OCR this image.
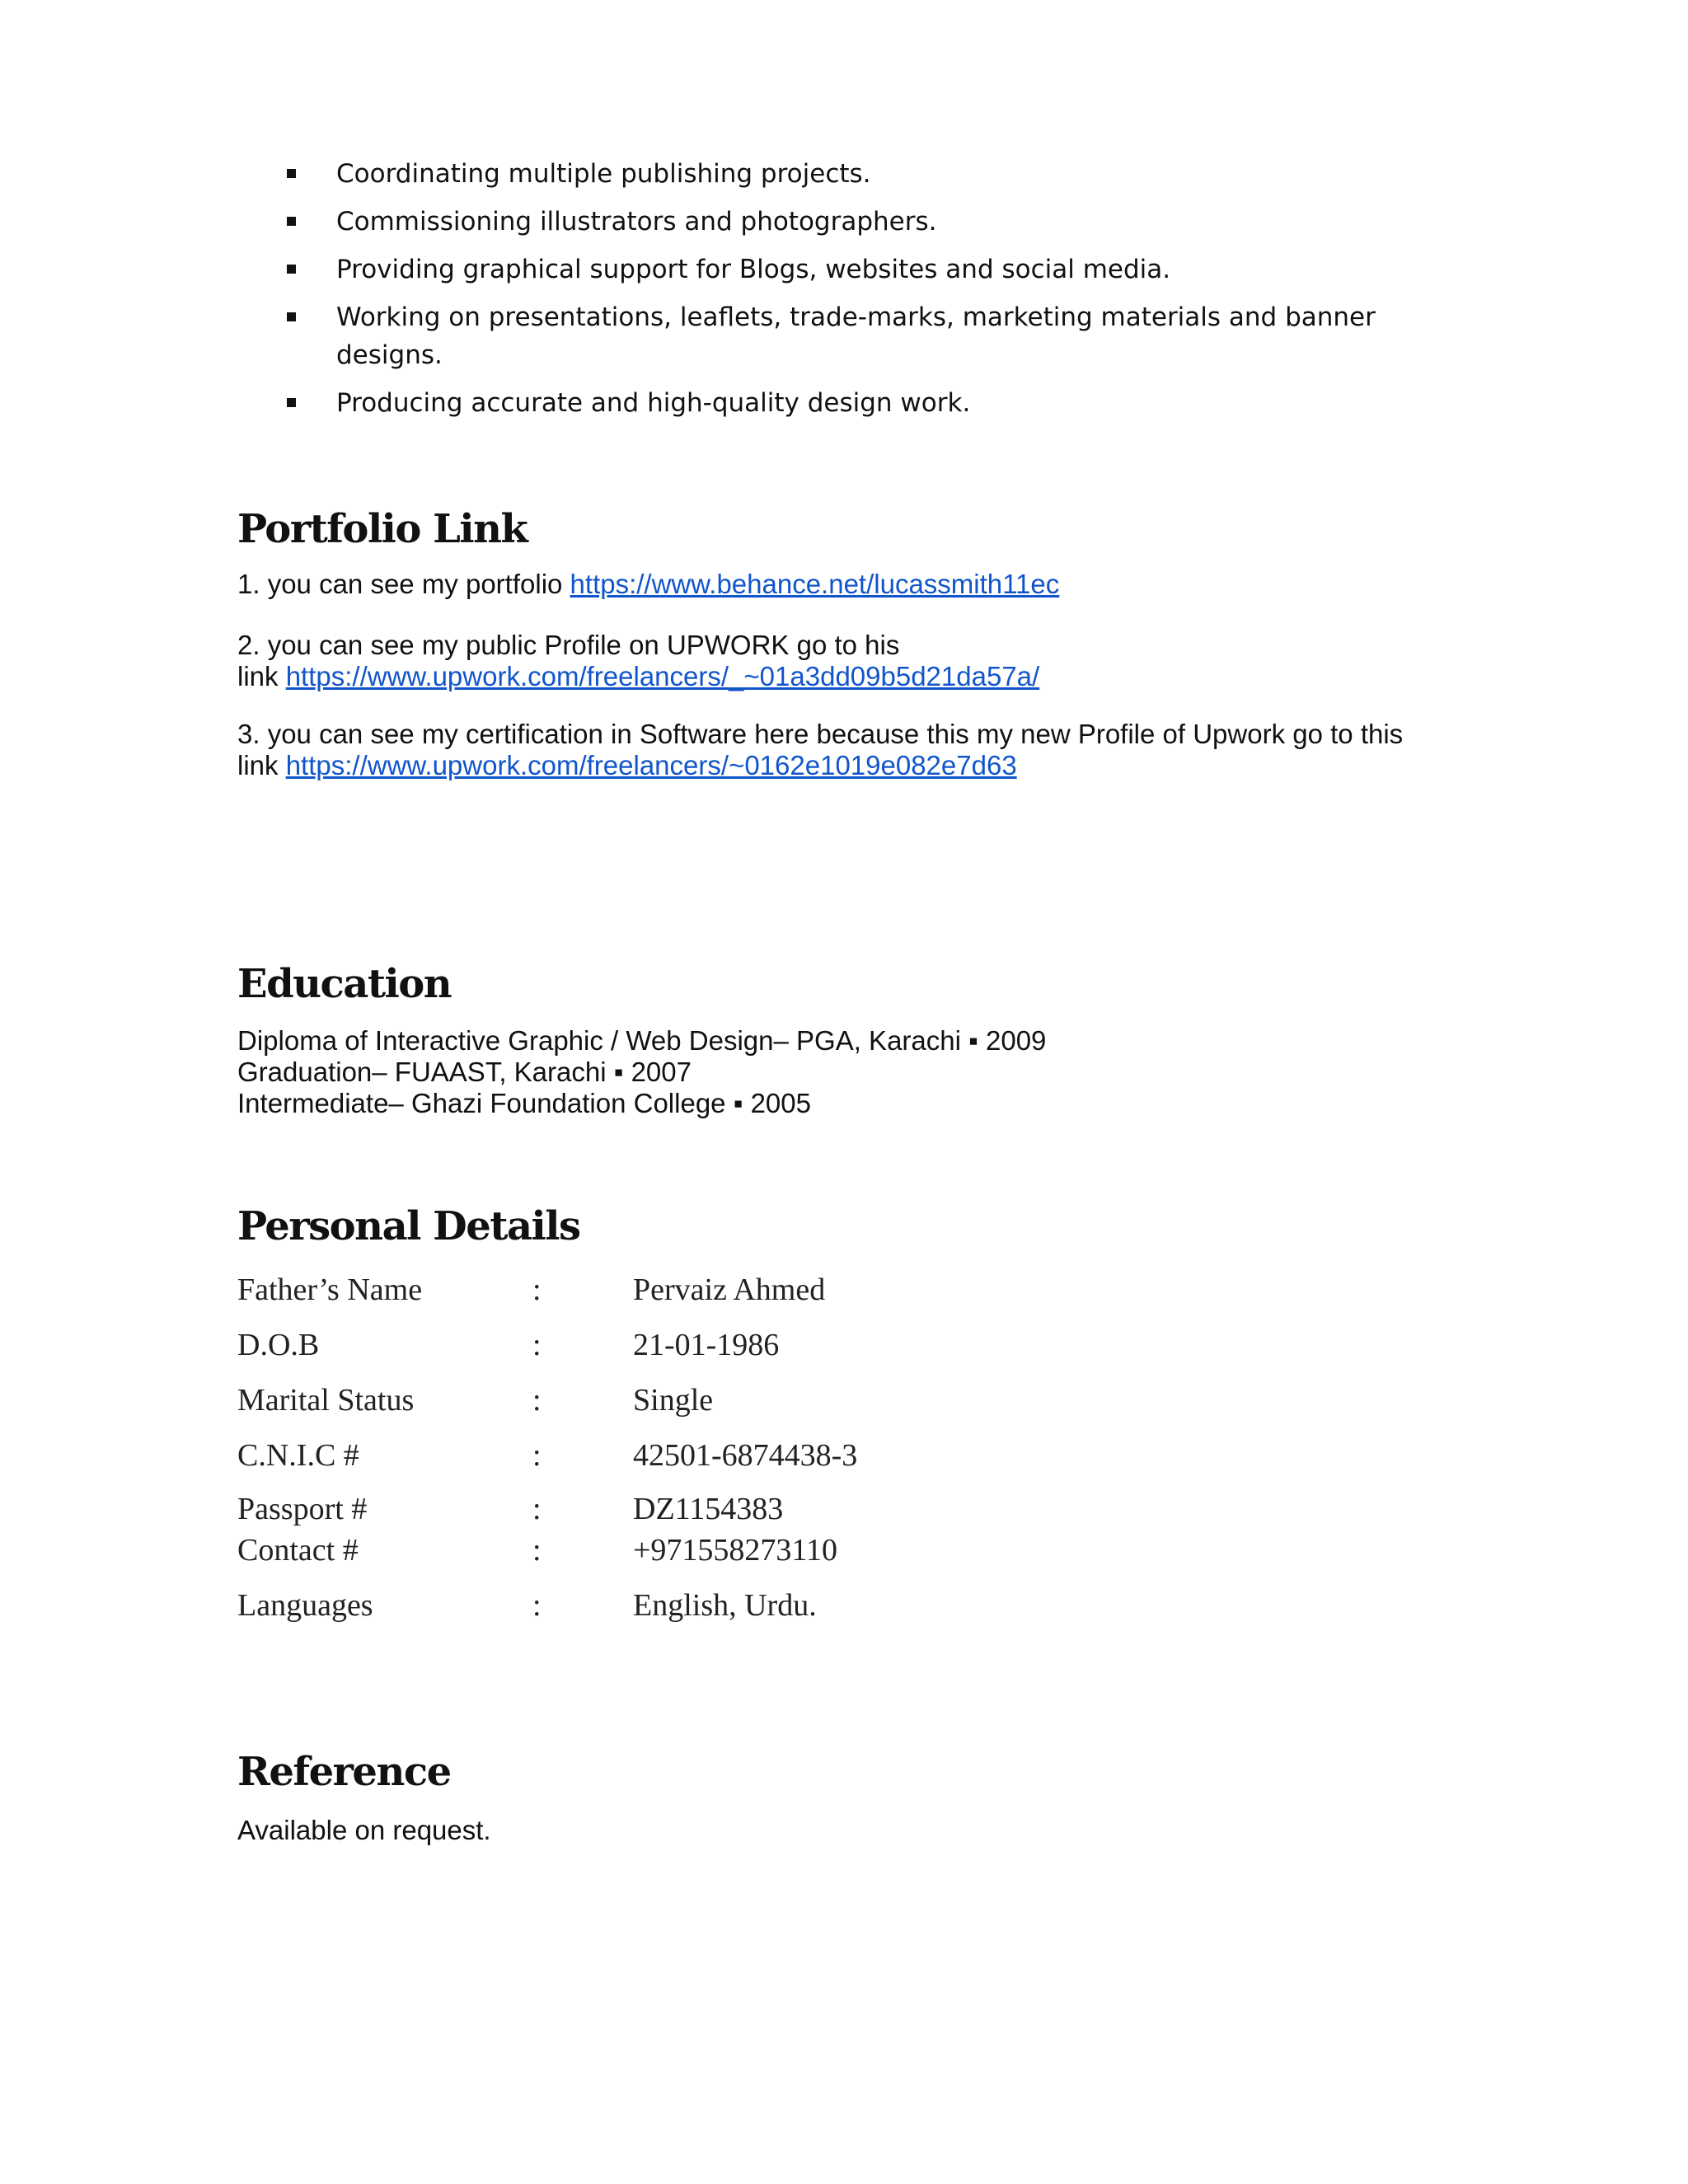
Coordinating multiple publishing projects.
Commissioning illustrators and photographers.
Providing graphical support for Blogs, websites and social media.
Working on presentations, leaflets, trade-marks, marketing materials and banner designs.
Producing accurate and high-quality design work.
Portfolio Link
1. you can see my portfolio https://www.behance.net/lucassmith11ec
2. you can see my public Profile on UPWORK go to his
link https://www.upwork.com/freelancers/_~01a3dd09b5d21da57a/
3. you can see my certification in Software here because this my new Profile of Upwork go to this
link https://www.upwork.com/freelancers/~0162e1019e082e7d63
Education
Diploma of Interactive Graphic / Web Design– PGA, Karachi ▪ 2009
Graduation– FUAAST, Karachi ▪ 2007
Intermediate– Ghazi Foundation College ▪ 2005
Personal Details
Father’s Name	:	Pervaiz Ahmed
D.O.B	:	21-01-1986
Marital Status	:	Single
C.N.I.C #	:	42501-6874438-3
Passport #	:	DZ1154383
Contact #	:	+971558273110
Languages	:	English, Urdu.
Reference
Available on request.
